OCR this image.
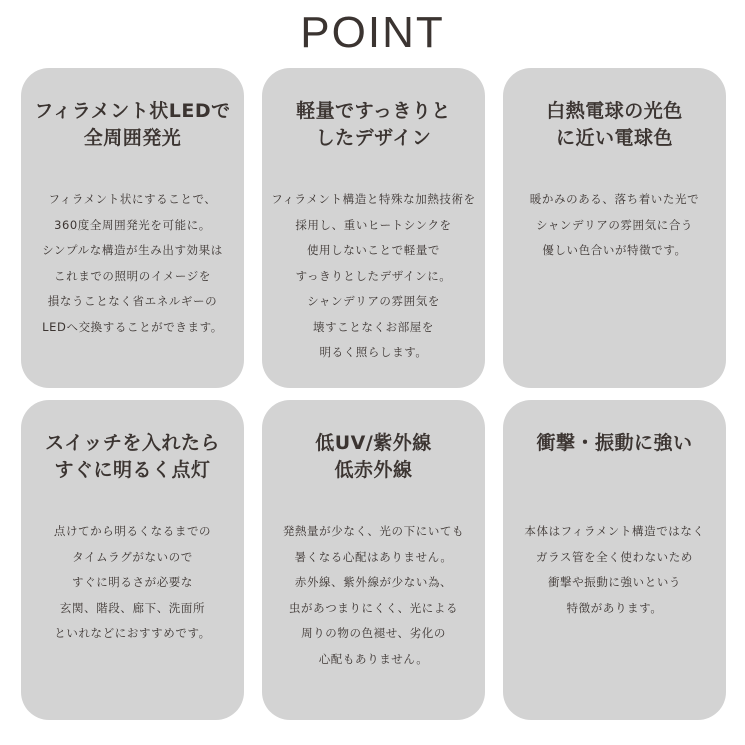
POINT
フィラメント状LEDで
全周囲発光
フィラメント状にすることで、
360度全周囲発光を可能に。
シンプルな構造が生み出す効果は
これまでの照明のイメージを
損なうことなく省エネルギーの
LEDへ交換することができます。
軽量ですっきりと
したデザイン
フィラメント構造と特殊な加熱技術を
採用し、重いヒートシンクを
使用しないことで軽量で
すっきりとしたデザインに。
シャンデリアの雰囲気を
壊すことなくお部屋を
明るく照らします。
白熱電球の光色
に近い電球色
暖かみのある、落ち着いた光で
シャンデリアの雰囲気に合う
優しい色合いが特徴です。
スイッチを入れたら
すぐに明るく点灯
点けてから明るくなるまでの
タイムラグがないので
すぐに明るさが必要な
玄関、階段、廊下、洗面所
といれなどにおすすめです。
低UV/紫外線
低赤外線
発熱量が少なく、光の下にいても
暑くなる心配はありません。
赤外線、紫外線が少ない為、
虫があつまりにくく、光による
周りの物の色褪せ、劣化の
心配もありません。
衝撃・振動に強い
本体はフィラメント構造ではなく
ガラス管を全く使わないため
衝撃や振動に強いという
特徴があります。
